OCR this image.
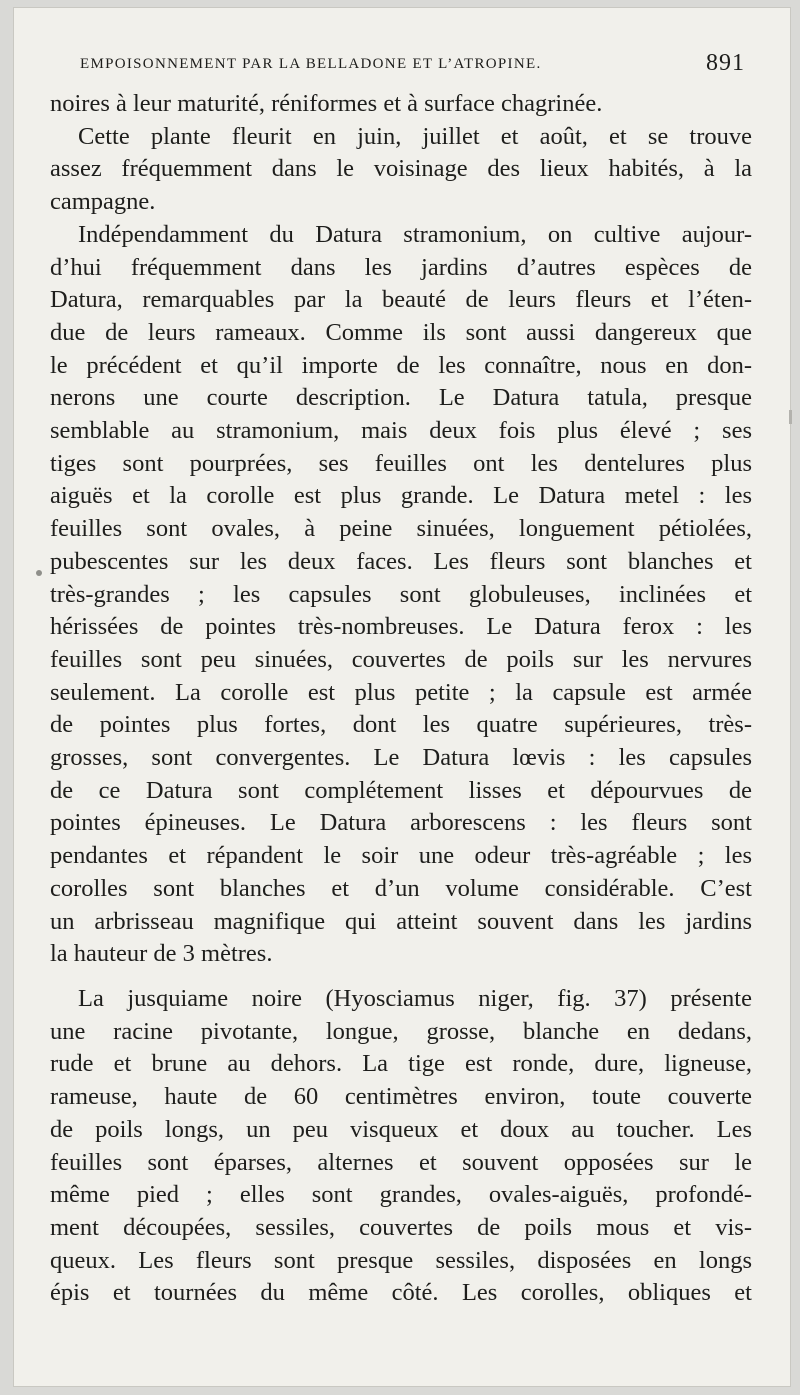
EMPOISONNEMENT PAR LA BELLADONE ET L’ATROPINE.	891

noires à leur maturité, réniformes et à surface chagrinée.

Cette plante fleurit en juin, juillet et août, et se trouve

assez fréquemment dans le voisinage des lieux habités, à la

campagne.

Indépendamment du Datura stramonium, on cultive aujour-

d’hui fréquemment dans les jardins d’autres espèces de

Datura, remarquables par la beauté de leurs fleurs et l’éten-

due de leurs rameaux. Comme ils sont aussi dangereux que

le précédent et qu’il importe de les connaître, nous en don-

nerons une courte description. Le Datura tatula, presque

semblable au stramonium, mais deux fois plus élevé ; ses

tiges sont pourprées, ses feuilles ont les dentelures plus

aiguës et la corolle est plus grande. Le Datura metel : les

feuilles sont ovales, à peine sinuées, longuement pétiolées,

pubescentes sur les deux faces. Les fleurs sont blanches et

très-grandes ; les capsules sont globuleuses, inclinées et

hérissées de pointes très-nombreuses. Le Datura ferox : les

feuilles sont peu sinuées, couvertes de poils sur les nervures

seulement. La corolle est plus petite ; la capsule est armée

de pointes plus fortes, dont les quatre supérieures, très-

grosses, sont convergentes. Le Datura lœvis : les capsules

de ce Datura sont complétement lisses et dépourvues de

pointes épineuses. Le Datura arborescens : les fleurs sont

pendantes et répandent le soir une odeur très-agréable ; les

corolles sont blanches et d’un volume considérable. C’est

un arbrisseau magnifique qui atteint souvent dans les jardins

la hauteur de 3 mètres.

La jusquiame noire (Hyosciamus niger, fig. 37) présente

une racine pivotante, longue, grosse, blanche en dedans,

rude et brune au dehors. La tige est ronde, dure, ligneuse,

rameuse, haute de 60 centimètres environ, toute couverte

de poils longs, un peu visqueux et doux au toucher. Les

feuilles sont éparses, alternes et souvent opposées sur le

même pied ; elles sont grandes, ovales-aiguës, profondé-

ment découpées, sessiles, couvertes de poils mous et vis-

queux. Les fleurs sont presque sessiles, disposées en longs

épis et tournées du même côté. Les corolles, obliques et
